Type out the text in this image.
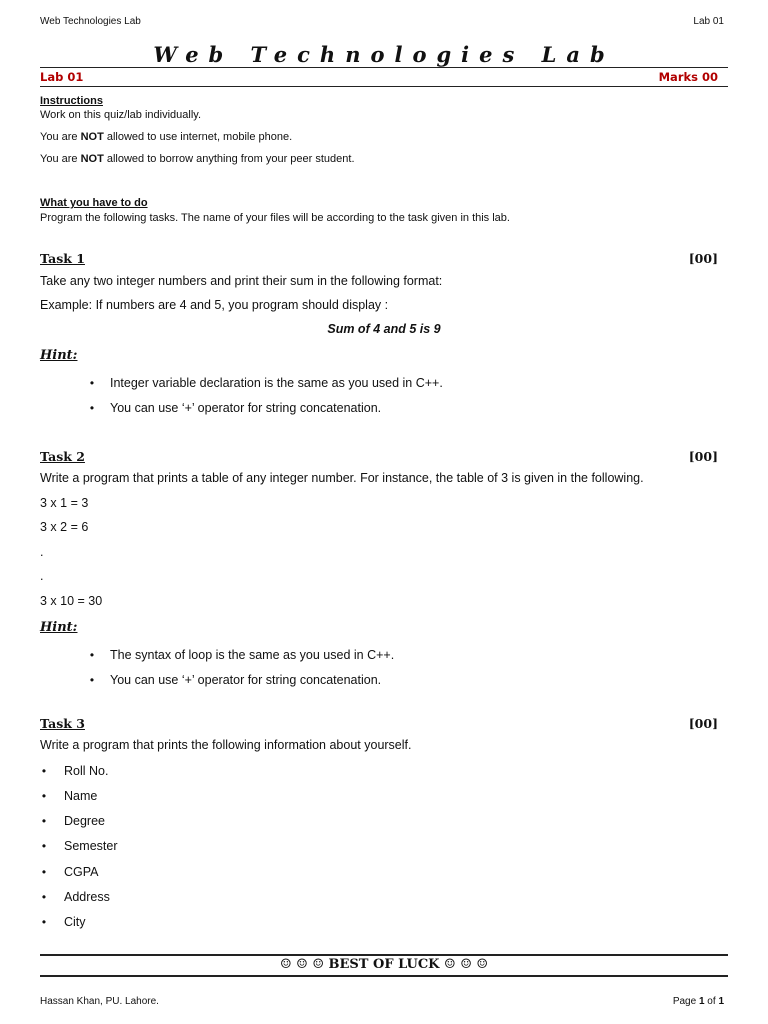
Web Technologies Lab	Lab 01
Web Technologies Lab
Lab 01	Marks 00
Instructions
Work on this quiz/lab individually.
You are NOT allowed to use internet, mobile phone.
You are NOT allowed to borrow anything from your peer student.
What you have to do
Program the following tasks. The name of your files will be according to the task given in this lab.
Task 1	[00]
Take any two integer numbers and print their sum in the following format:
Example: If numbers are 4 and 5, you program should display :
Sum of 4 and 5 is 9
Hint:
• Integer variable declaration is the same as you used in C++.
• You can use ‘+’ operator for string concatenation.
Task 2	[00]
Write a program that prints a table of any integer number. For instance, the table of 3 is given in the following.
3 x 1 = 3
3 x 2 = 6
.
.
3 x 10 = 30
Hint:
• The syntax of loop is the same as you used in C++.
• You can use ‘+’ operator for string concatenation.
Task 3	[00]
Write a program that prints the following information about yourself.
• Roll No.
• Name
• Degree
• Semester
• CGPA
• Address
• City
☺ ☺ ☺ BEST OF LUCK ☺ ☺ ☺
Hassan Khan, PU. Lahore.	Page 1 of 1
